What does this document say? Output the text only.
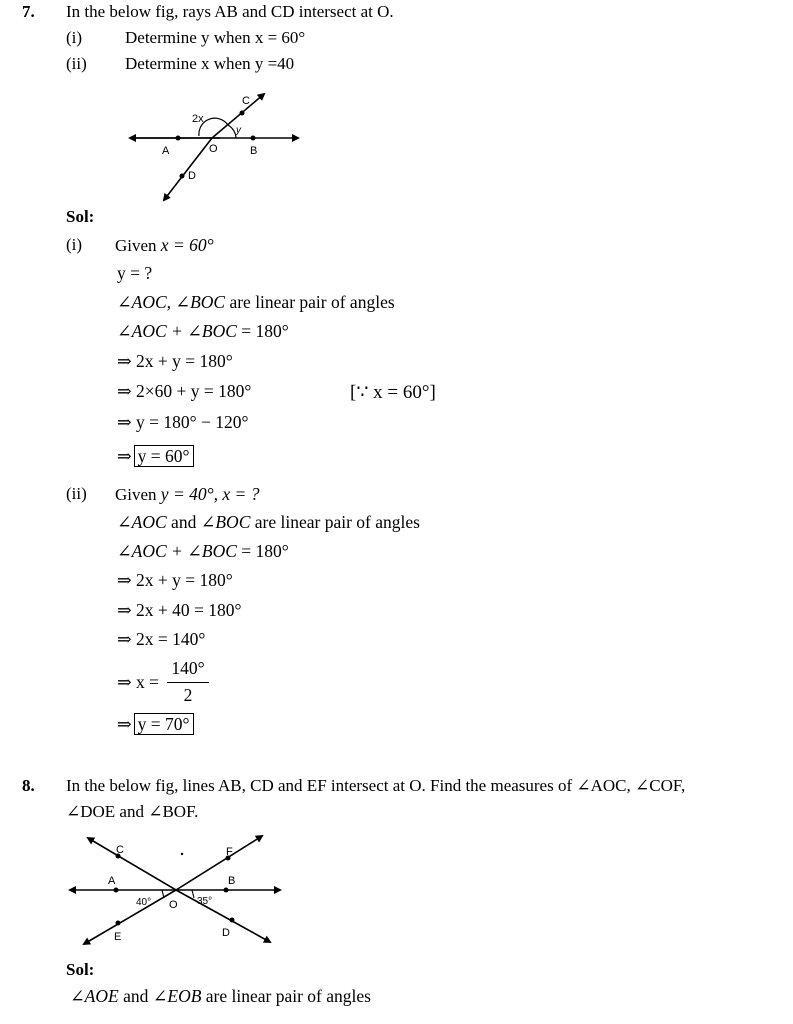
7. In the below fig, rays AB and CD intersect at O.
(i)	Determine y when x = 60°
(ii) Determine x when y =40
A	B
C
D
O
2x
y
Sol:
(i) Given x = 60°
y = ?
∠AOC, ∠BOC are linear pair of angles
∠AOC + ∠BOC = 180°
⇒ 2x + y = 180°
⇒ 2×60 + y = 180°	[∵ x = 60°]
⇒ y = 180° − 120°
⇒ y = 60°
(ii) Given y = 40°, x = ?
∠AOC and ∠BOC are linear pair of angles
∠AOC + ∠BOC = 180°
⇒ 2x + y = 180°
⇒ 2x + 40 = 180°
⇒ 2x = 140°
⇒ x =
140°
2
⇒ y = 70°
8. In the below fig, lines AB, CD and EF intersect at O. Find the measures of ∠AOC, ∠COF,
∠DOE and ∠BOF.
C
A	B
F
E	D
O
40°	35°
Sol:
∠AOE and ∠EOB are linear pair of angles
